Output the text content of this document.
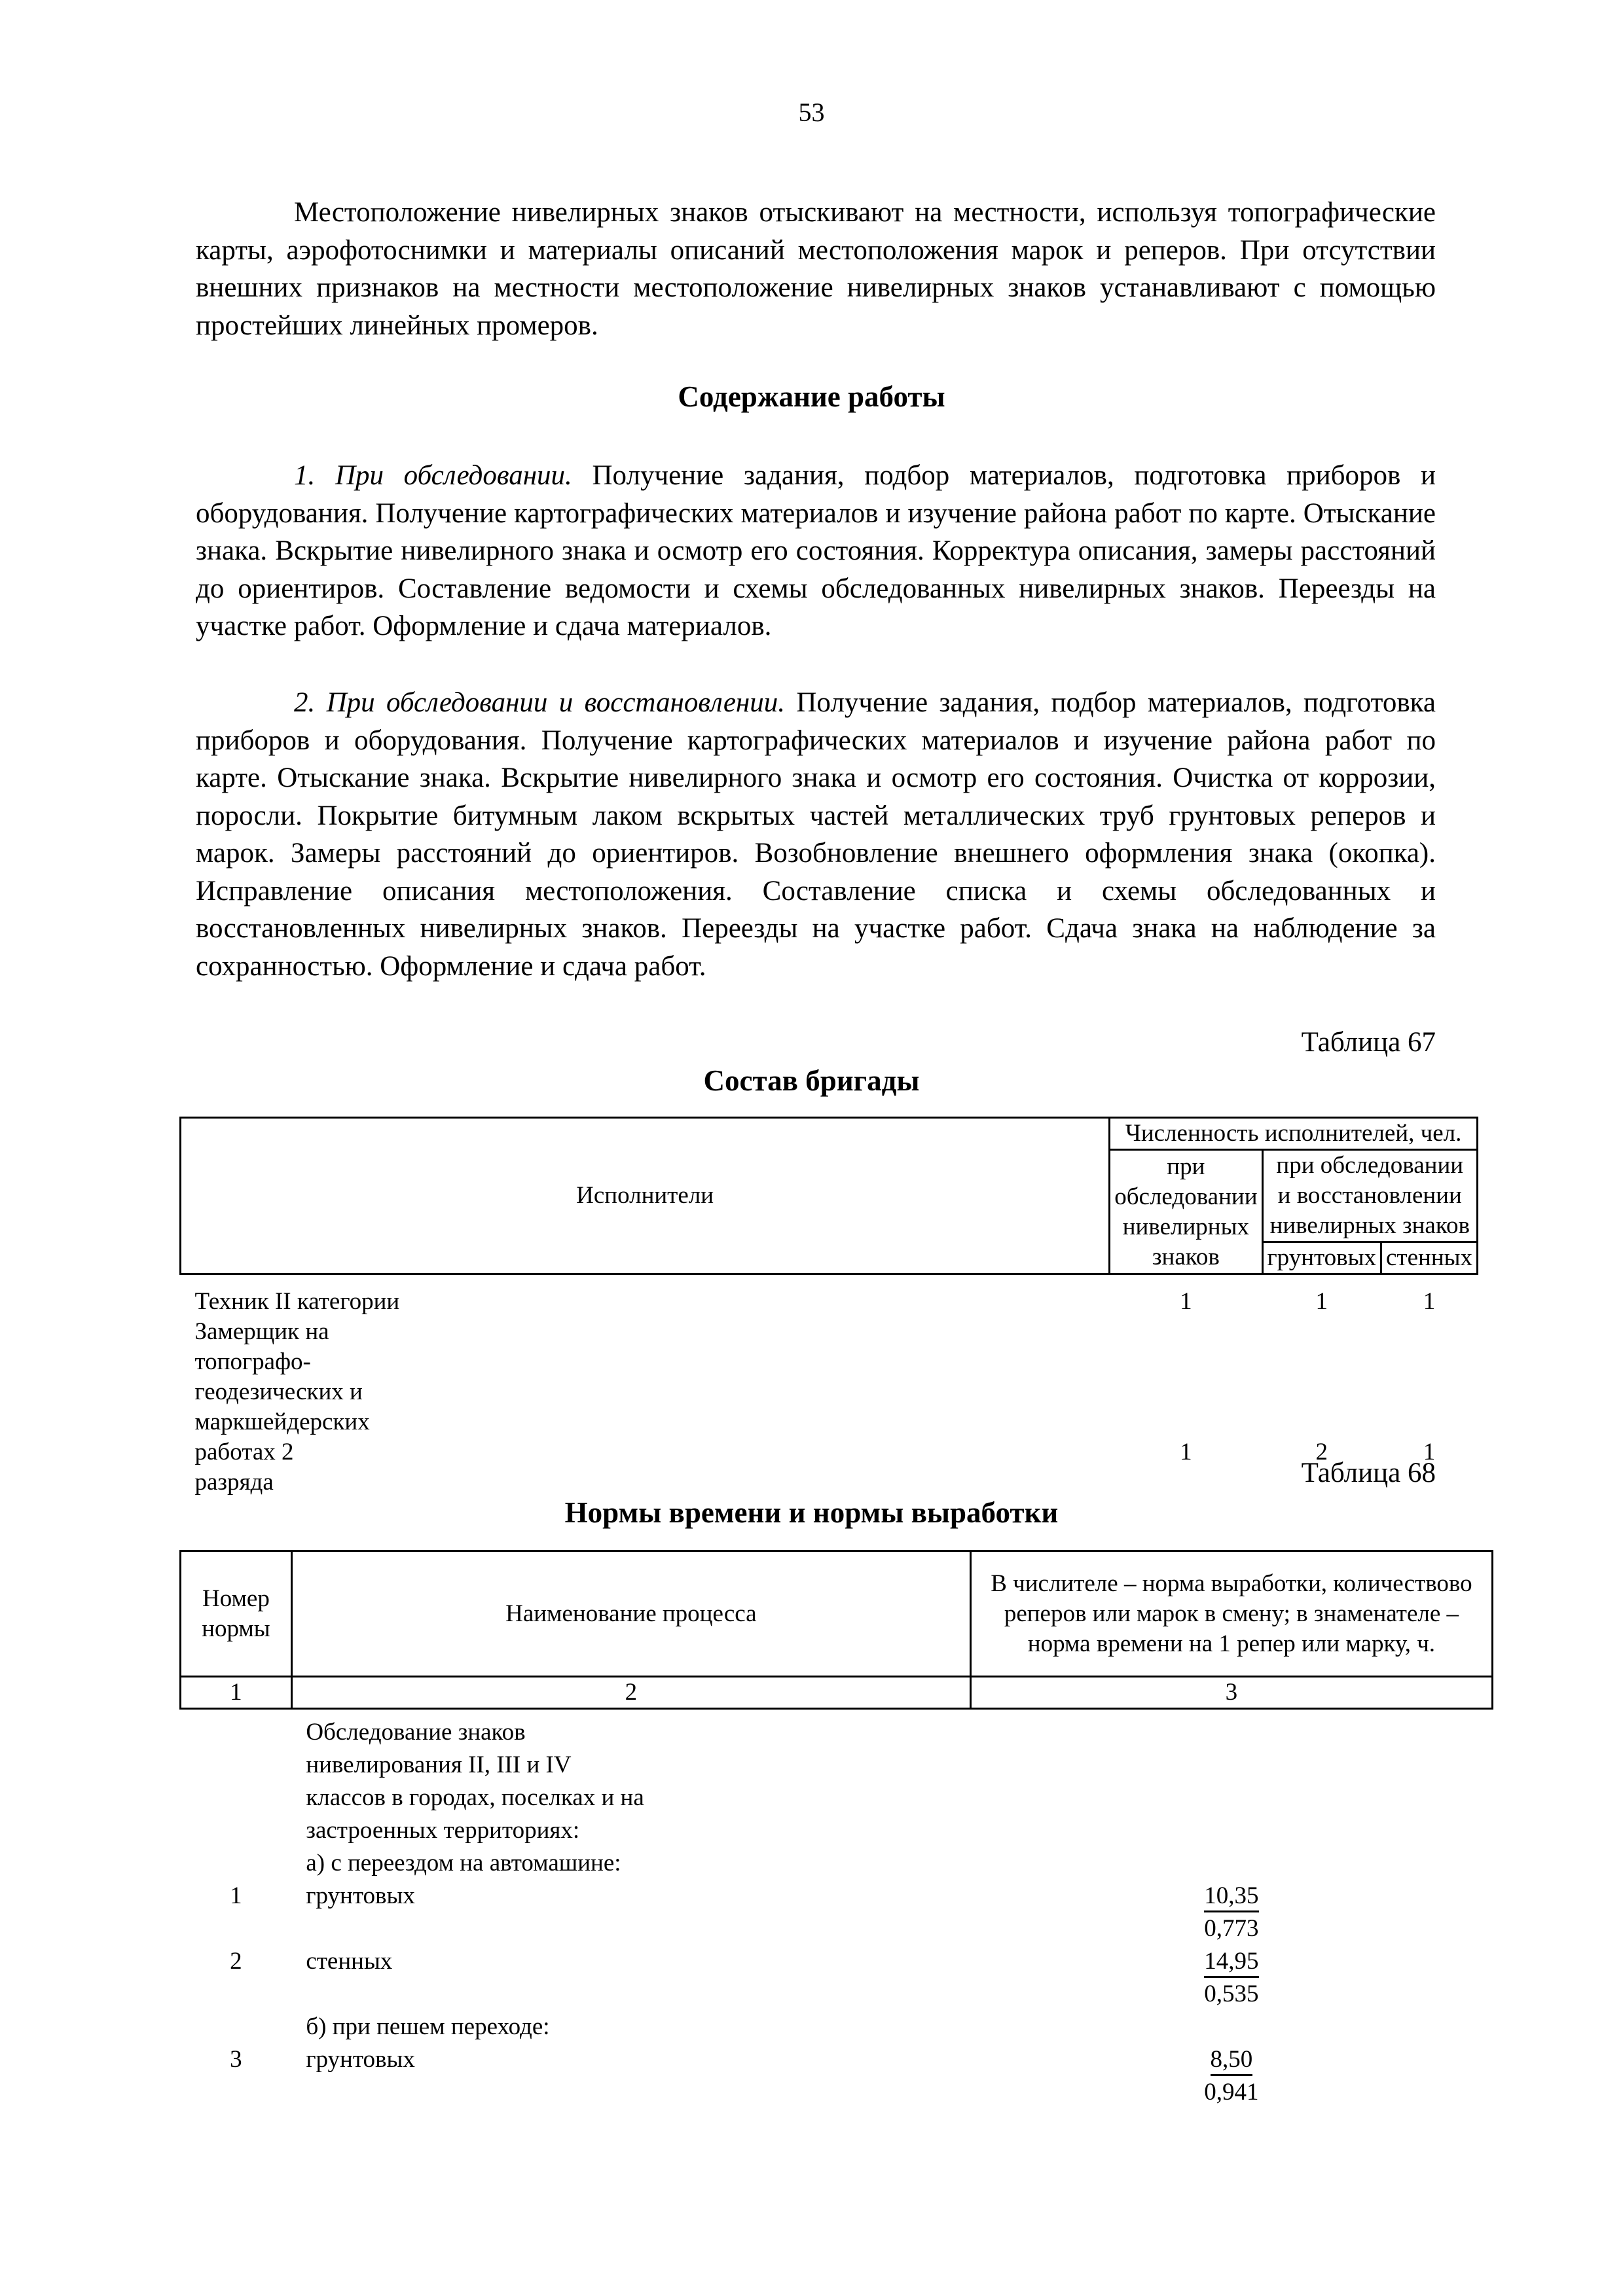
53

Местоположение нивелирных знаков отыскивают на местности, используя топографические карты, аэрофотоснимки и материалы описаний местоположения марок и реперов. При отсутствии внешних признаков на местности местоположение нивелирных знаков устанавливают с помощью простейших линейных промеров.

Содержание работы

1. При обследовании. Получение задания, подбор материалов, подготовка приборов и оборудования. Получение картографических материалов и изучение района работ по карте. Отыскание знака. Вскрытие нивелирного знака и осмотр его состояния. Корректура описания, замеры расстояний до ориентиров. Составление ведомости и схемы обследованных нивелирных знаков. Переезды на участке работ. Оформление и сдача материалов.

2. При обследовании и восстановлении. Получение задания, подбор материалов, подготовка приборов и оборудования. Получение картографических материалов и изучение района работ по карте. Отыскание знака. Вскрытие нивелирного знака и осмотр его состояния. Очистка от коррозии, поросли. Покрытие битумным лаком вскрытых частей металлических труб грунтовых реперов и марок. Замеры расстояний до ориентиров. Возобновление внешнего оформления знака (окопка). Исправление описания местоположения. Составление списка и схемы обследованных и восстановленных нивелирных знаков. Переезды на участке работ. Сдача знака на наблюдение за сохранностью. Оформление и сдача работ.

Таблица 67
Состав бригады
Исполнители	Численность исполнителей, чел.		
	при обследовании нивелирных знаков	при обследовании и восстановлении нивелирных знаков	
		грунтовых	стенных
Техник II категории	1	1	1
Замерщик на топографо-геодезических и маркшейдерских работах 2 разряда	1	2	1
Таблица 68
Нормы времени и нормы выработки
Номер нормы	Наименование процесса	В числителе – норма выработки, количествово реперов или марок в смену; в знаменателе – норма времени на 1 репер или марку, ч.
1	2	3
	Обследование знаков нивелирования II, III и IV классов в городах, поселках и на застроенных территориях:	
	а) с переездом на автомашине:	
1	грунтовых	$\frac{10,35}{0,773}$

2	стенных	$\frac{14,95}{0,535}$

	б) при пешем переходе:	
3	грунтовых	$\frac{8,50}{0,941}$
